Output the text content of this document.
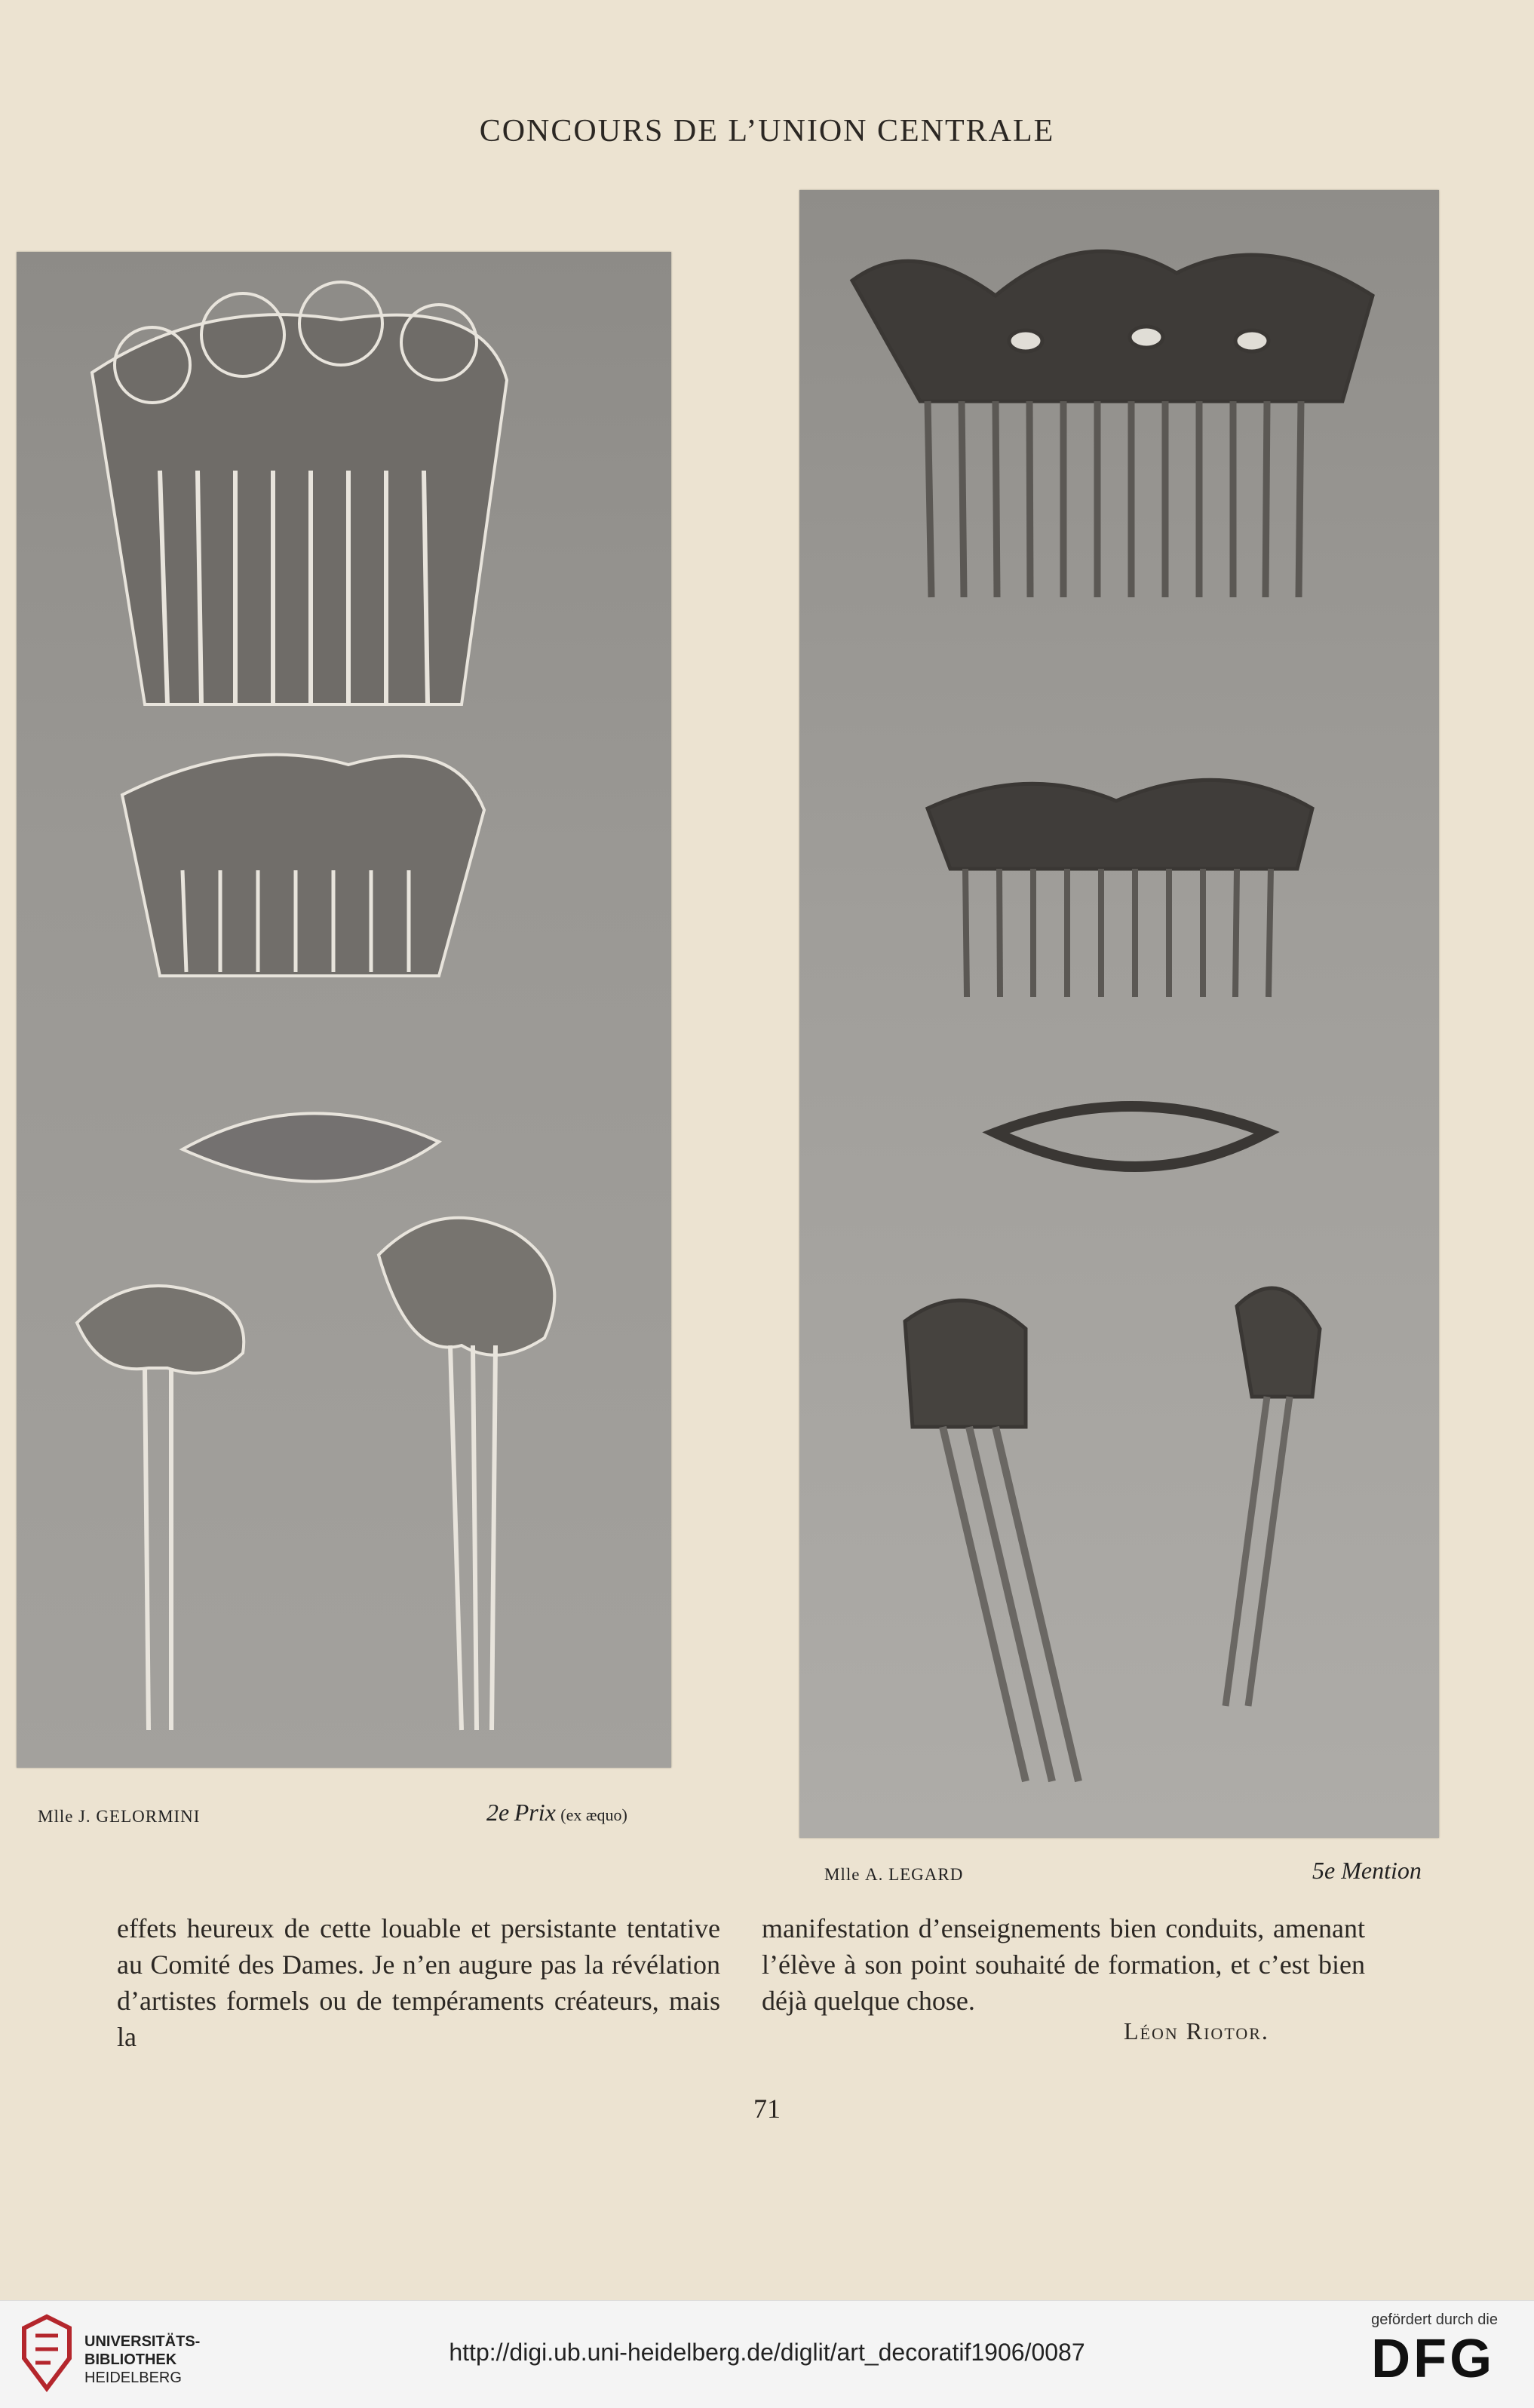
CONCOURS DE L’UNION CENTRALE
Mlle J. GELORMINI	2e Prix (ex æquo)
Mlle A. LEGARD	5e Mention
effets heureux de cette louable et persistante tentative au Comité des Dames. Je n’en augure pas la révélation d’artistes formels ou de tempéraments créateurs, mais la
manifestation d’enseignements bien conduits, amenant l’élève à son point souhaité de formation, et c’est bien déjà quelque chose.
Léon Riotor.
71
UNIVERSITÄTS-
BIBLIOTHEK
HEIDELBERG
http://digi.ub.uni-heidelberg.de/diglit/art_decoratif1906/0087
gefördert durch die
DFG
